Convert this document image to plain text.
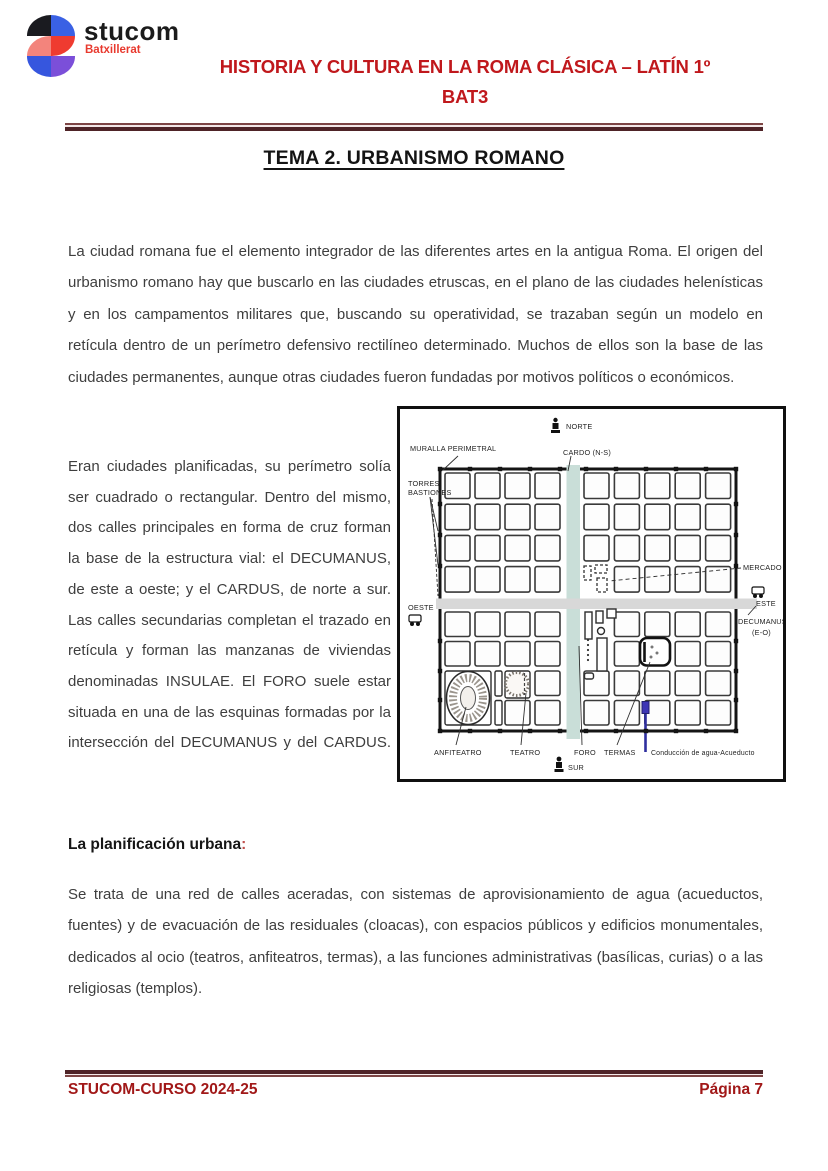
stucom
Batxillerat
HISTORIA Y CULTURA EN LA ROMA CLÁSICA – LATÍN 1º
BAT3
TEMA 2. URBANISMO ROMANO

La ciudad romana fue el elemento integrador de las diferentes artes en la antigua Roma. El origen del urbanismo romano hay que buscarlo en las ciudades etruscas, en el plano de las ciudades helenísticas y en los campamentos militares que, buscando su operatividad, se trazaban según un modelo en retícula dentro de un perímetro defensivo rectilíneo determinado. Muchos de ellos son la base de las ciudades permanentes, aunque otras ciudades fueron fundadas por motivos políticos o económicos.

Eran ciudades planificadas, su perímetro solía ser cuadrado o rectangular. Dentro del mismo, dos calles principales en forma de cruz forman la base de la estructura vial: el DECUMANUS, de este a oeste; y el CARDUS, de norte a sur. Las calles secundarias completan el trazado en retícula y forman las manzanas de viviendas denominadas INSULAE. El FORO suele estar situada en una de las esquinas formadas por la intersección del DECUMANUS y del CARDUS.

NORTE
CARDO (N-S)
MURALLA PERIMETRAL
TORRES
BASTIONES
OESTE
MERCADO
ESTE
DECUMANUS
(E-O)
ANFITEATRO	TEATRO	FORO TERMAS Conducción de agua-Acueducto
SUR
La planificación urbana:

Se trata de una red de calles aceradas, con sistemas de aprovisionamiento de agua (acueductos, fuentes) y de evacuación de las residuales (cloacas), con espacios públicos y edificios monumentales, dedicados al ocio (teatros, anfiteatros, termas), a las funciones administrativas (basílicas, curias) o a las religiosas (templos).

STUCOM-CURSO 2024-25	Página 7
